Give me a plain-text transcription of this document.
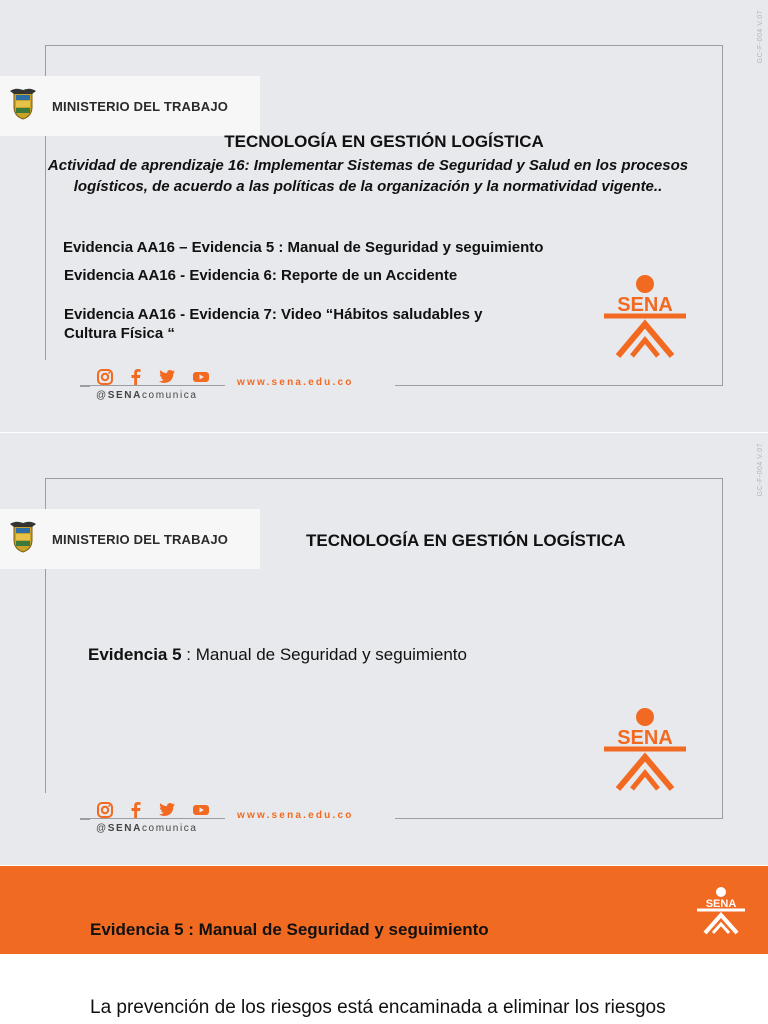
GC-F-004 V.07
MINISTERIO DEL TRABAJO
TECNOLOGÍA EN GESTIÓN LOGÍSTICA
Actividad de aprendizaje 16: Implementar Sistemas de Seguridad y Salud en los procesos logísticos, de acuerdo a las políticas de la organización y la normatividad vigente..
Evidencia AA16 – Evidencia 5 : Manual de Seguridad y seguimiento
Evidencia AA16 - Evidencia 6: Reporte de un Accidente
Evidencia AA16 - Evidencia 7: Video “Hábitos saludables y Cultura Física “
SENA
@SENAcomunica
www.sena.edu.co
GC-F-004 V.07
MINISTERIO DEL TRABAJO	TECNOLOGÍA EN GESTIÓN LOGÍSTICA
Evidencia 5 : Manual de Seguridad y seguimiento
SENA
@SENAcomunica
www.sena.edu.co
SENA
Evidencia 5 : Manual de Seguridad y seguimiento
La prevención de los riesgos está encaminada a eliminar los riesgos
